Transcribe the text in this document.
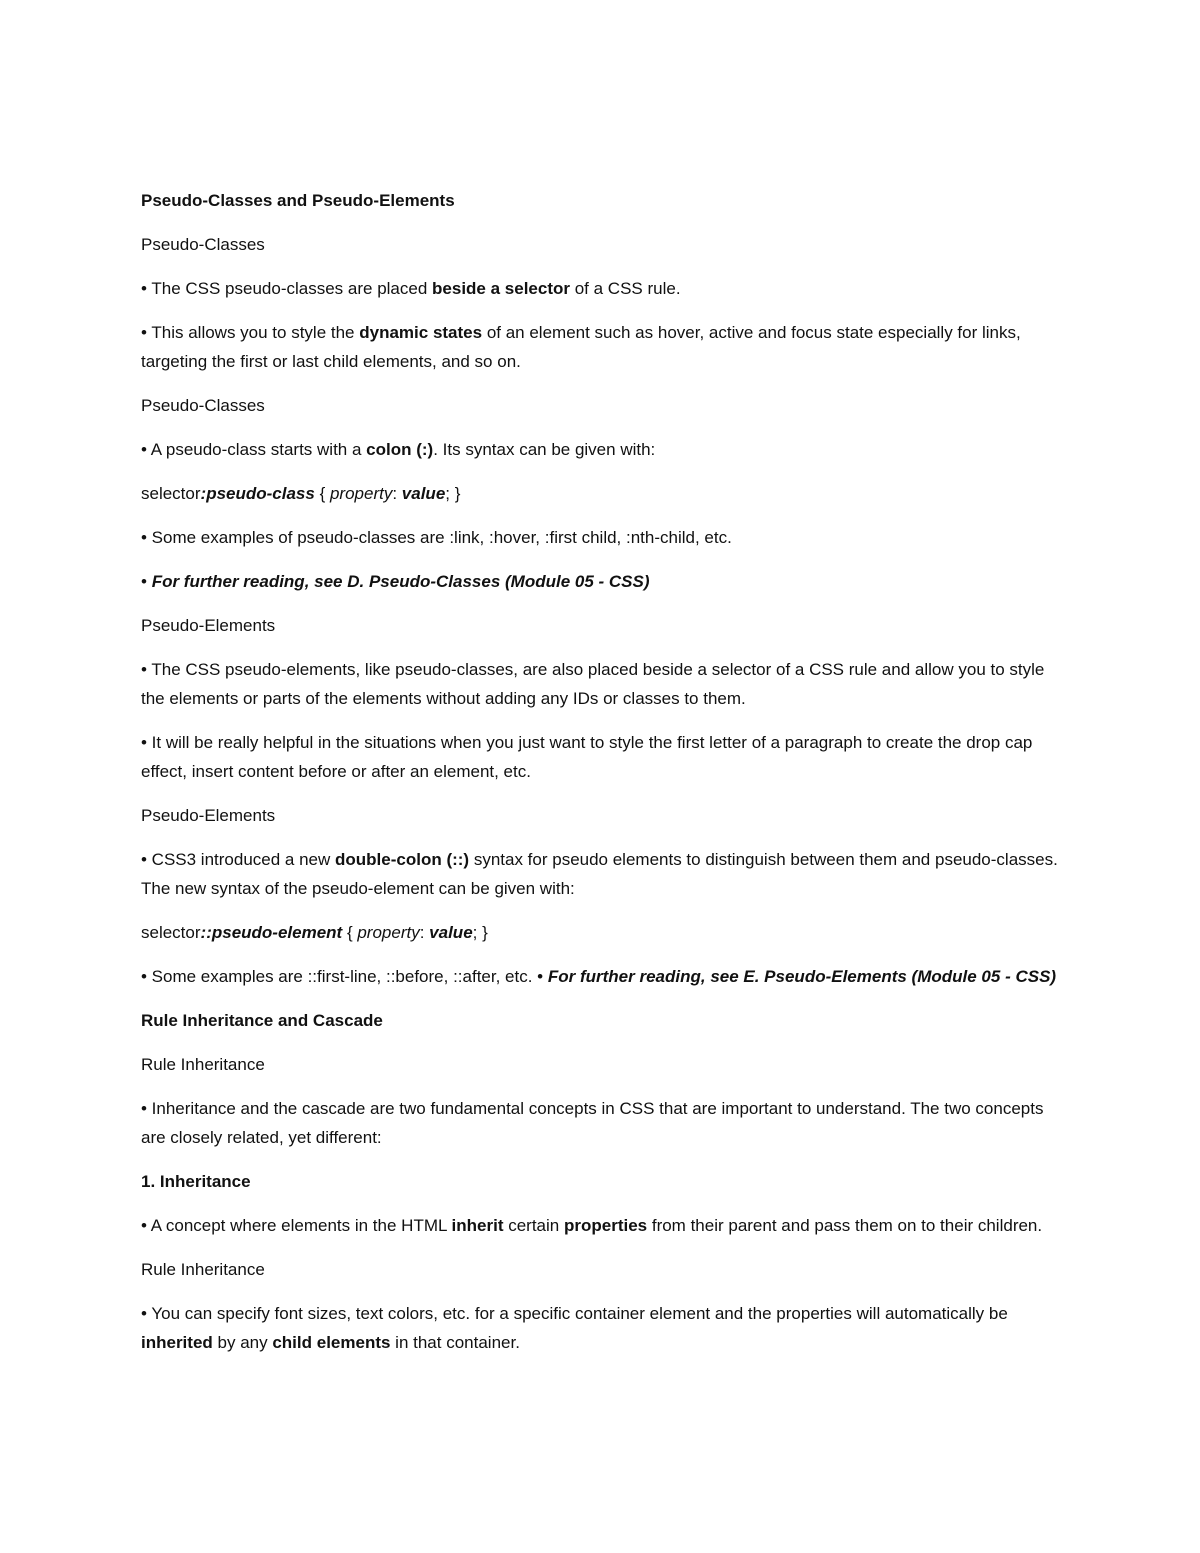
Pseudo-Classes and Pseudo-Elements

Pseudo-Classes

• The CSS pseudo-classes are placed beside a selector of a CSS rule.

• This allows you to style the dynamic states of an element such as hover, active and focus state especially for links, targeting the first or last child elements, and so on.

Pseudo-Classes

• A pseudo-class starts with a colon (:). Its syntax can be given with:

selector:pseudo-class { property: value; }

• Some examples of pseudo-classes are :link, :hover, :first child, :nth-child, etc.

• For further reading, see D. Pseudo-Classes (Module 05 - CSS)

Pseudo-Elements

• The CSS pseudo-elements, like pseudo-classes, are also placed beside a selector of a CSS rule and allow you to style the elements or parts of the elements without adding any IDs or classes to them.

• It will be really helpful in the situations when you just want to style the first letter of a paragraph to create the drop cap effect, insert content before or after an element, etc.

Pseudo-Elements

• CSS3 introduced a new double-colon (::) syntax for pseudo elements to distinguish between them and pseudo-classes. The new syntax of the pseudo-element can be given with:

selector::pseudo-element { property: value; }

• Some examples are ::first-line, ::before, ::after, etc. • For further reading, see E. Pseudo-Elements (Module 05 - CSS)

Rule Inheritance and Cascade

Rule Inheritance

• Inheritance and the cascade are two fundamental concepts in CSS that are important to understand. The two concepts are closely related, yet different:

1. Inheritance

• A concept where elements in the HTML inherit certain properties from their parent and pass them on to their children.

Rule Inheritance

• You can specify font sizes, text colors, etc. for a specific container element and the properties will automatically be inherited by any child elements in that container.
